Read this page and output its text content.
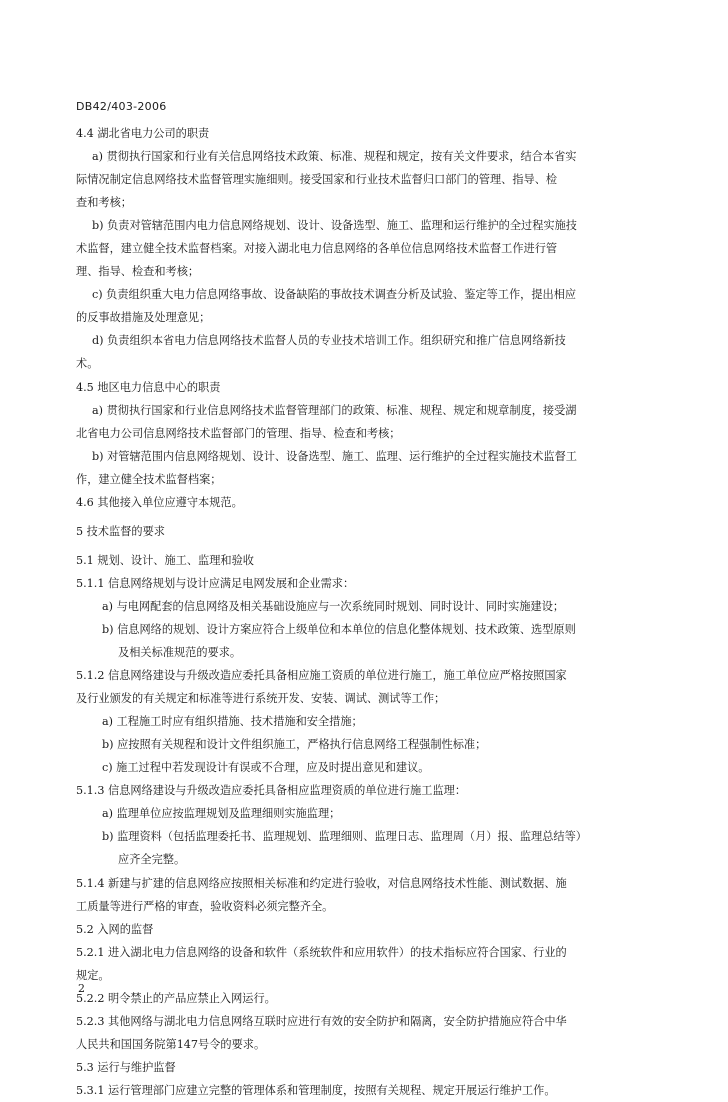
DB42/403-2006
4.4 湖北省电力公司的职责
a) 贯彻执行国家和行业有关信息网络技术政策、标准、规程和规定，按有关文件要求，结合本省实
际情况制定信息网络技术监督管理实施细则。接受国家和行业技术监督归口部门的管理、指导、检
查和考核；
b) 负责对管辖范围内电力信息网络规划、设计、设备选型、施工、监理和运行维护的全过程实施技
术监督，建立健全技术监督档案。对接入湖北电力信息网络的各单位信息网络技术监督工作进行管
理、指导、检查和考核；
c) 负责组织重大电力信息网络事故、设备缺陷的事故技术调查分析及试验、鉴定等工作，提出相应
的反事故措施及处理意见；
d) 负责组织本省电力信息网络技术监督人员的专业技术培训工作。组织研究和推广信息网络新技
术。
4.5 地区电力信息中心的职责
a) 贯彻执行国家和行业信息网络技术监督管理部门的政策、标准、规程、规定和规章制度，接受湖
北省电力公司信息网络技术监督部门的管理、指导、检查和考核；
b) 对管辖范围内信息网络规划、设计、设备选型、施工、监理、运行维护的全过程实施技术监督工
作，建立健全技术监督档案；
4.6 其他接入单位应遵守本规范。
5 技术监督的要求
5.1 规划、设计、施工、监理和验收
5.1.1 信息网络规划与设计应满足电网发展和企业需求：
a) 与电网配套的信息网络及相关基础设施应与一次系统同时规划、同时设计、同时实施建设；
b) 信息网络的规划、设计方案应符合上级单位和本单位的信息化整体规划、技术政策、选型原则
及相关标准规范的要求。
5.1.2 信息网络建设与升级改造应委托具备相应施工资质的单位进行施工，施工单位应严格按照国家
及行业颁发的有关规定和标准等进行系统开发、安装、调试、测试等工作；
a) 工程施工时应有组织措施、技术措施和安全措施；
b) 应按照有关规程和设计文件组织施工，严格执行信息网络工程强制性标准；
c) 施工过程中若发现设计有误或不合理，应及时提出意见和建议。
5.1.3 信息网络建设与升级改造应委托具备相应监理资质的单位进行施工监理：
a) 监理单位应按监理规划及监理细则实施监理；
b) 监理资料（包括监理委托书、监理规划、监理细则、监理日志、监理周（月）报、监理总结等）
应齐全完整。
5.1.4 新建与扩建的信息网络应按照相关标准和约定进行验收，对信息网络技术性能、测试数据、施
工质量等进行严格的审查，验收资料必须完整齐全。
5.2 入网的监督
5.2.1 进入湖北电力信息网络的设备和软件（系统软件和应用软件）的技术指标应符合国家、行业的
规定。
5.2.2 明令禁止的产品应禁止入网运行。
5.2.3 其他网络与湖北电力信息网络互联时应进行有效的安全防护和隔离，安全防护措施应符合中华
人民共和国国务院第147号令的要求。
5.3 运行与维护监督
5.3.1 运行管理部门应建立完整的管理体系和管理制度，按照有关规程、规定开展运行维护工作。
2
